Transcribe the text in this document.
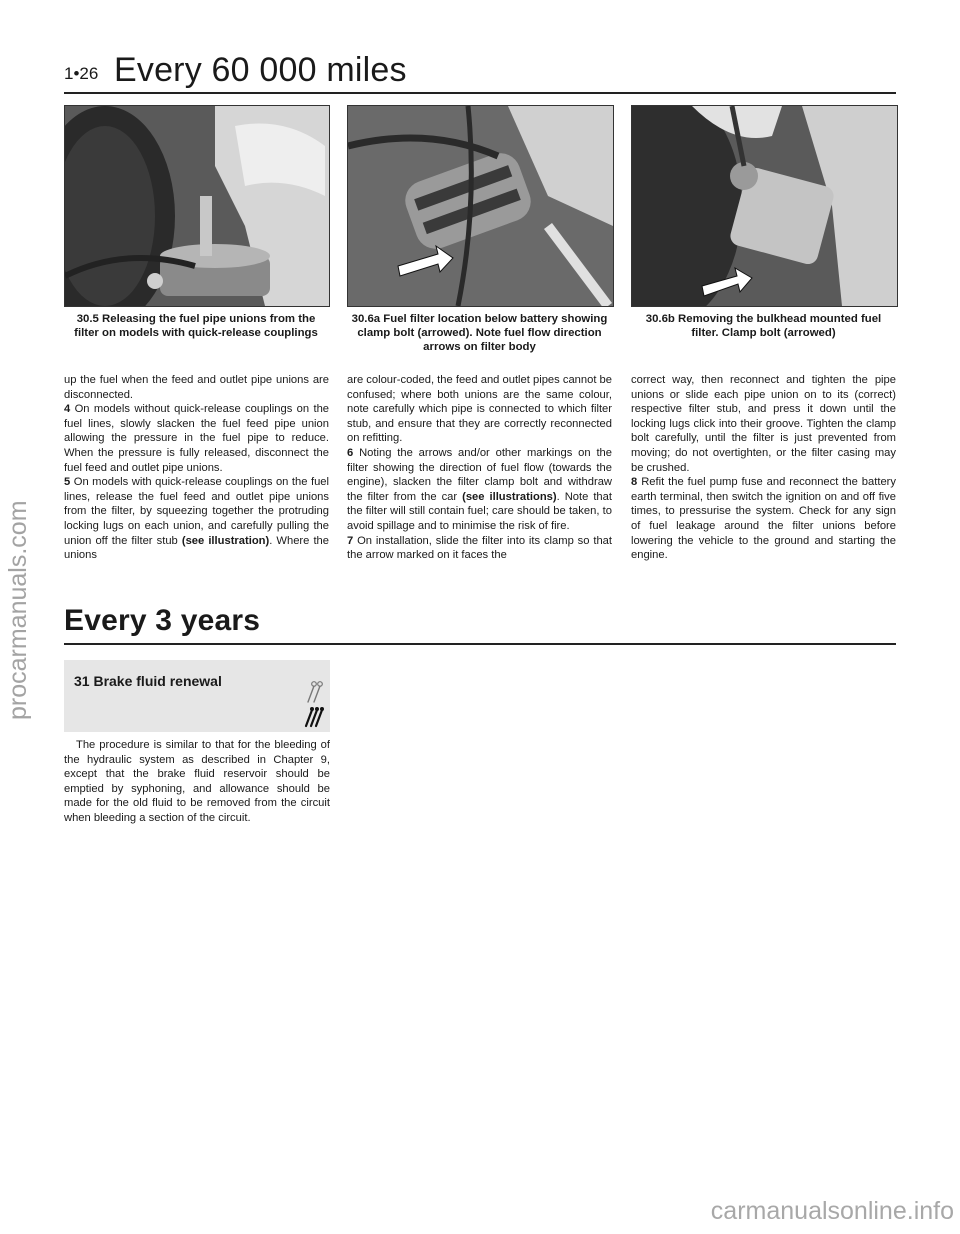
1•26 Every 60 000 miles
30.5 Releasing the fuel pipe unions from the filter on models with quick-release couplings
30.6a Fuel filter location below battery showing clamp bolt (arrowed). Note fuel flow direction arrows on filter body
30.6b Removing the bulkhead mounted fuel filter. Clamp bolt (arrowed)

up the fuel when the feed and outlet pipe unions are disconnected.

4 On models without quick-release couplings on the fuel lines, slowly slacken the fuel feed pipe union allowing the pressure in the fuel pipe to reduce. When the pressure is fully released, disconnect the fuel feed and outlet pipe unions.

5 On models with quick-release couplings on the fuel lines, release the fuel feed and outlet pipe unions from the filter, by squeezing together the protruding locking lugs on each union, and carefully pulling the union off the filter stub (see illustration). Where the unions

are colour-coded, the feed and outlet pipes cannot be confused; where both unions are the same colour, note carefully which pipe is connected to which filter stub, and ensure that they are correctly reconnected on refitting.

6 Noting the arrows and/or other markings on the filter showing the direction of fuel flow (towards the engine), slacken the filter clamp bolt and withdraw the filter from the car (see illustrations). Note that the filter will still contain fuel; care should be taken, to avoid spillage and to minimise the risk of fire.

7 On installation, slide the filter into its clamp so that the arrow marked on it faces the

correct way, then reconnect and tighten the pipe unions or slide each pipe union on to its (correct) respective filter stub, and press it down until the locking lugs click into their groove. Tighten the clamp bolt carefully, until the filter is just prevented from moving; do not overtighten, or the filter casing may be crushed.

8 Refit the fuel pump fuse and reconnect the battery earth terminal, then switch the ignition on and off five times, to pressurise the system. Check for any sign of fuel leakage around the filter unions before lowering the vehicle to the ground and starting the engine.

Every 3 years
31 Brake fluid renewal

The procedure is similar to that for the bleeding of the hydraulic system as described in Chapter 9, except that the brake fluid reservoir should be emptied by syphoning, and allowance should be made for the old fluid to be removed from the circuit when bleeding a section of the circuit.

procarmanuals.com
carmanualsonline.info
